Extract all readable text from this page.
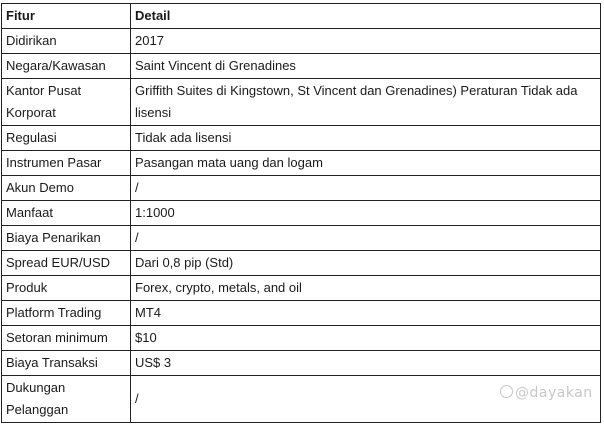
Fitur	Detail
Didirikan	2017
Negara/Kawasan	Saint Vincent di Grenadines
Kantor Pusat Korporat	Griffith Suites di Kingstown, St Vincent dan Grenadines) Peraturan Tidak ada lisensi
Regulasi	Tidak ada lisensi
Instrumen Pasar	Pasangan mata uang dan logam
Akun Demo	/
Manfaat	1:1000
Biaya Penarikan	/
Spread EUR/USD	Dari 0,8 pip (Std)
Produk	Forex, crypto, metals, and oil
Platform Trading	MT4
Setoran minimum	$10
Biaya Transaksi	US$ 3
Dukungan Pelanggan	/	@dayakan
